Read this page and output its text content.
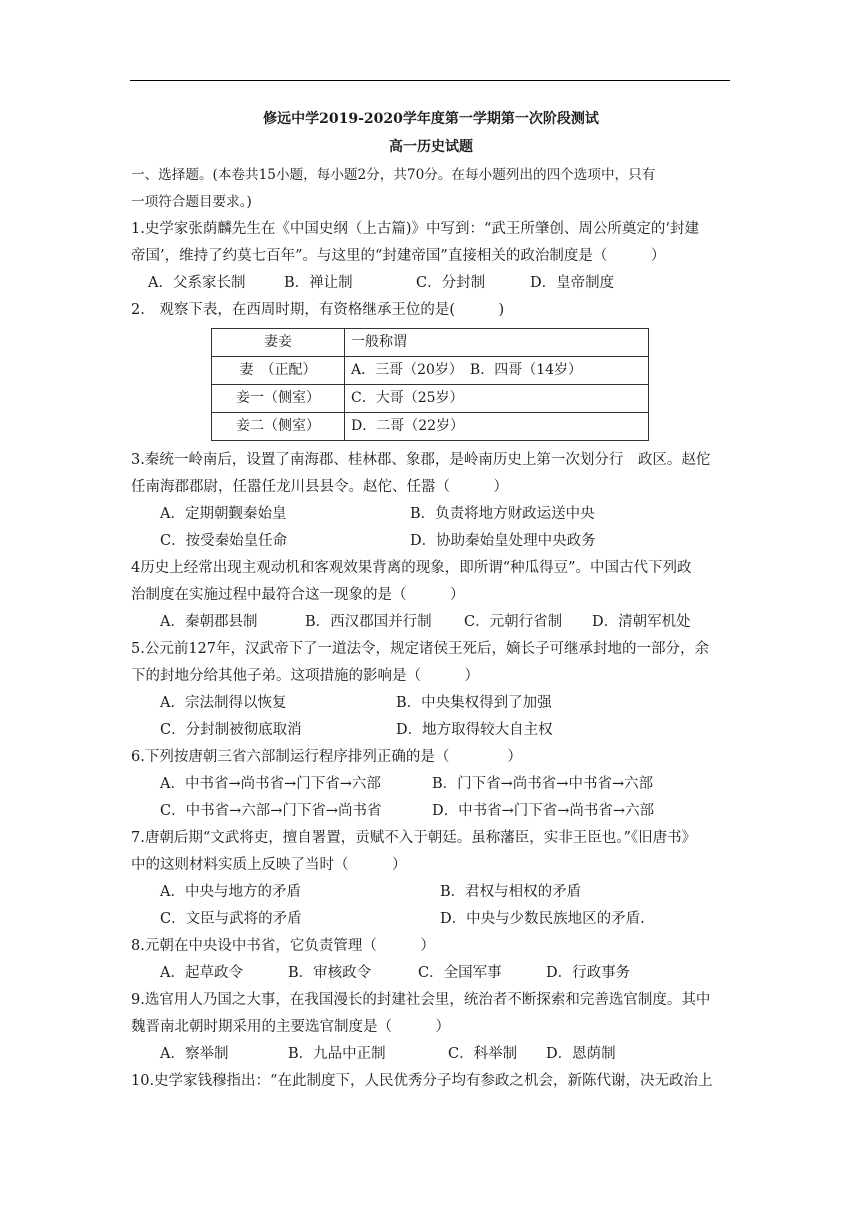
修远中学2019-2020学年度第一学期第一次阶段测试
高一历史试题
一、选择题。(本卷共15小题，每小题2分，共70分。在每小题列出的四个选项中，只有
一项符合题目要求。)
1.史学家张荫麟先生在《中国史纲（上古篇)》中写到：“武王所肇创、周公所奠定的‘封建
帝国’，维持了约莫七百年”。与这里的“封建帝国”直接相关的政治制度是（　　　）
A．父系家长制	B．禅让制	C．分封制	D．皇帝制度
2.　观察下表，在西周时期，有资格继承王位的是(　　　)
妻妾	一般称谓
妻　（正配）	A．三哥（20岁）　B．四哥（14岁）
妾一（侧室）	C．大哥（25岁）
妾二（侧室）	D．二哥（22岁）
3.秦统一岭南后，设置了南海郡、桂林郡、象郡，是岭南历史上第一次划分行　政区。赵佗
任南海郡郡尉，任嚣任龙川县县令。赵佗、任嚣（　　　）
A．定期朝觐秦始皇	B．负责将地方财政运送中央
C．按受秦始皇任命	D．协助秦始皇处理中央政务
4历史上经常出现主观动机和客观效果背离的现象，即所谓“种瓜得豆”。中国古代下列政
治制度在实施过程中最符合这一现象的是（　　　）
A．秦朝郡县制	B．西汉郡国并行制	C．元朝行省制	D．清朝军机处
5.公元前127年，汉武帝下了一道法令，规定诸侯王死后，嫡长子可继承封地的一部分，余
下的封地分给其他子弟。这项措施的影响是（　　　）
A．宗法制得以恢复	B．中央集权得到了加强
C．分封制被彻底取消	D．地方取得较大自主权
6.下列按唐朝三省六部制运行程序排列正确的是（　　　　）
A．中书省→尚书省→门下省→六部	B．门下省→尚书省→中书省→六部
C．中书省→六部→门下省→尚书省	D．中书省→门下省→尚书省→六部
7.唐朝后期“文武将吏，擅自署置，贡赋不入于朝廷。虽称藩臣，实非王臣也。”《旧唐书》
中的这则材料实质上反映了当时（　　　）
A．中央与地方的矛盾	B．君权与相权的矛盾
C．文臣与武将的矛盾	D．中央与少数民族地区的矛盾.
8.元朝在中央设中书省，它负责管理（　　　）
A．起草政令	B．审核政令	C．全国军事	D．行政事务
9.选官用人乃国之大事，在我国漫长的封建社会里，统治者不断探索和完善选官制度。其中
魏晋南北朝时期采用的主要选官制度是（　　　）
A．察举制	B．九品中正制	C．科举制	D．恩荫制
10.史学家钱穆指出：“在此制度下，人民优秀分子均有参政之机会，新陈代谢，决无政治上
